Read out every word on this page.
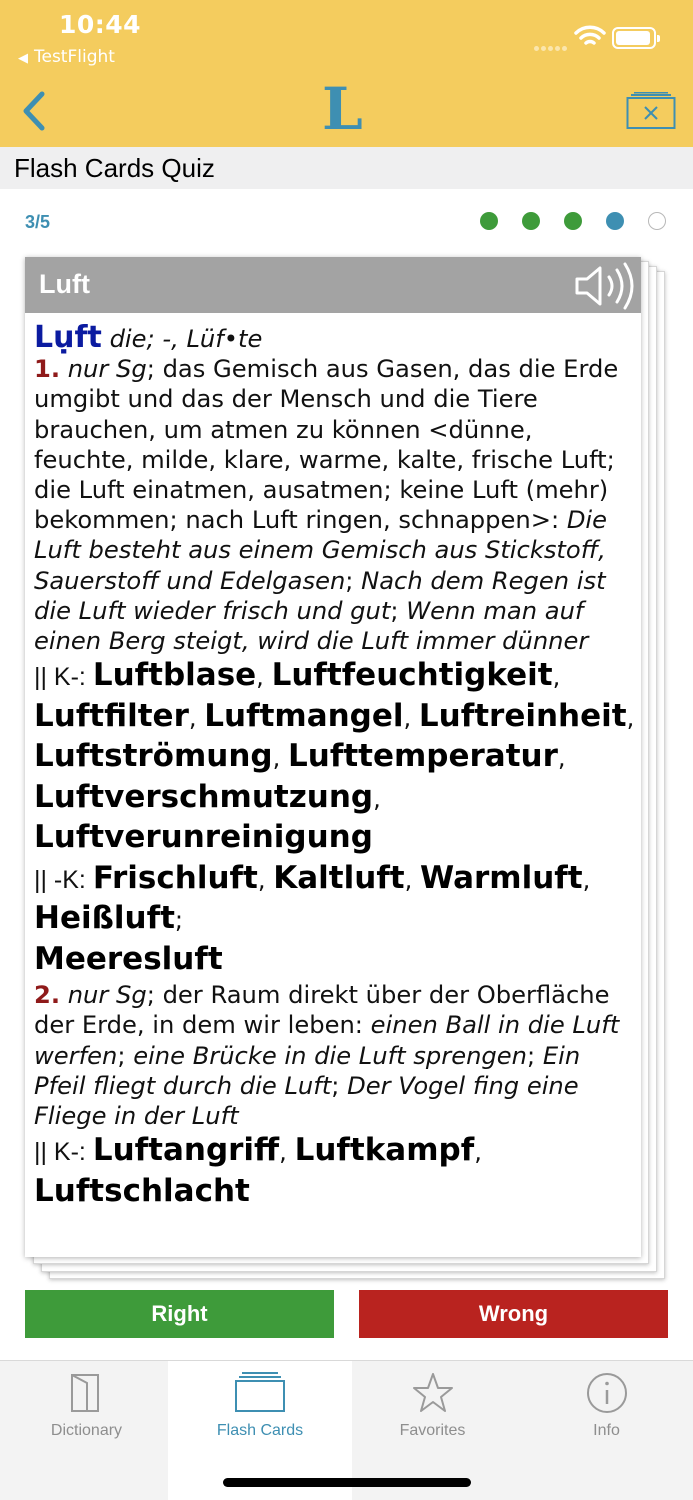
10:44
◀ TestFlight
L
Flash Cards Quiz
3/5
Luft

Lụft die; -, Lüf•te
1. nur Sg; das Gemisch aus Gasen, das die Erde umgibt und das der Mensch und die Tiere brauchen, um atmen zu können <dünne, feuchte, milde, klare, warme, kalte, frische Luft; die Luft einatmen, ausatmen; keine Luft (mehr) bekommen; nach Luft ringen, schnappen>: Die Luft besteht aus einem Gemisch aus Stickstoff, Sauerstoff und Edelgasen; Nach dem Regen ist die Luft wieder frisch und gut; Wenn man auf einen Berg steigt, wird die Luft immer dünner

|| K-: Luftblase, Luftfeuchtigkeit, Luftfilter, Luftmangel, Luftreinheit, Luftströmung, Lufttemperatur, Luftverschmutzung, Luftverunreinigung

|| -K: Frischluft, Kaltluft, Warmluft, Heißluft;
Meeresluft

2. nur Sg; der Raum direkt über der Oberfläche der Erde, in dem wir leben: einen Ball in die Luft werfen; eine Brücke in die Luft sprengen; Ein Pfeil fliegt durch die Luft; Der Vogel fing eine Fliege in der Luft

|| K-: Luftangriff, Luftkampf, Luftschlacht

Right	Wrong
Dictionary	Flash Cards	Favorites	Info
